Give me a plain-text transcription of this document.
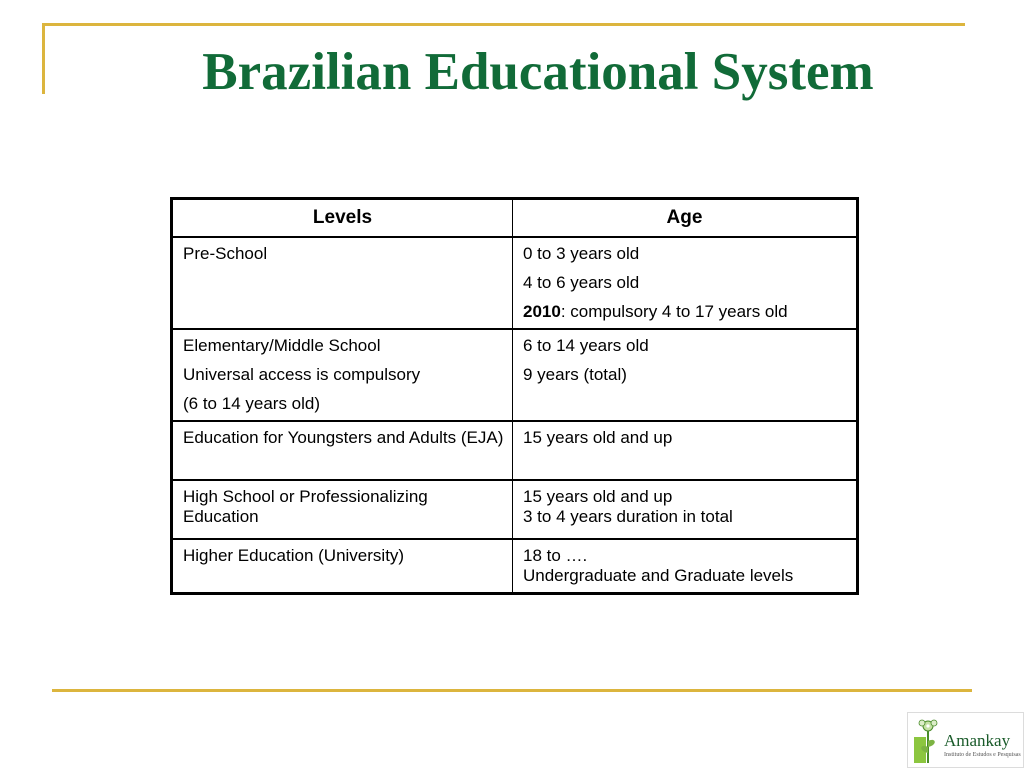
Brazilian Educational System
Levels	Age

Pre-School	0 to 3 years old
4 to 6 years old
2010: compulsory 4 to 17 years old

Elementary/Middle School
Universal access is compulsory
(6 to 14 years old)	6 to 14 years old
9 years (total)

Education for Youngsters and Adults (EJA)	15 years old and up

High School or Professionalizing Education	15 years old and up
3 to 4 years duration in total

Higher Education (University)	18 to ….
Undergraduate and Graduate levels
Amankay
Instituto de Estudos e Pesquisas
